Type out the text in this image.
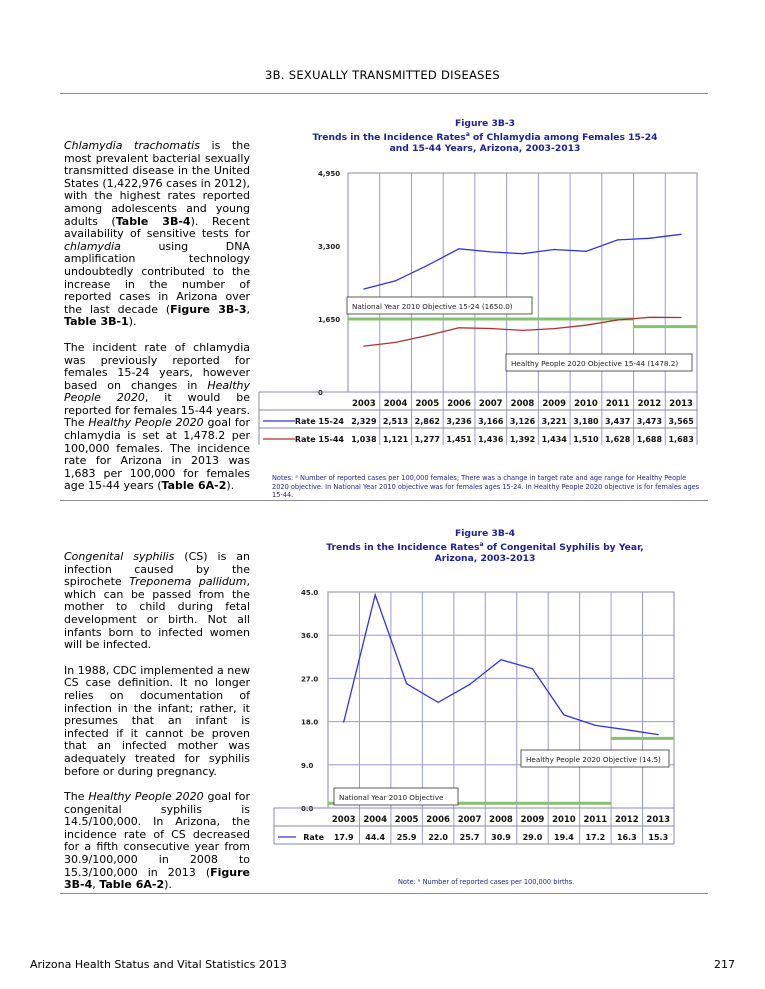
3B. SEXUALLY TRANSMITTED DISEASES

Chlamydia trachomatis is the most prevalent bacterial sexually transmitted disease in the United States (1,422,976 cases in 2012), with the highest rates reported among adolescents and young adults (Table 3B-4). Recent availability of sensitive tests for chlamydia using DNA amplification technology undoubtedly contributed to the increase in the number of reported cases in Arizona over the last decade (Figure 3B-3, Table 3B-1).

The incident rate of chlamydia was previously reported for females 15-24 years, however based on changes in Healthy People 2020, it would be reported for females 15-44 years. The Healthy People 2020 goal for chlamydia is set at 1,478.2 per 100,000 females. The incidence rate for Arizona in 2013 was 1,683 per 100,000 for females age 15-44 years (Table 6A-2).

Figure 3B-3
Trends in the Incidence Rates$^a$ of Chlamydia among Females 15-24
and 15-44 Years, Arizona, 2003-2013
0
1,650
3,300
4,950
National Year 2010 Objective 15-24 (1650.0)
Healthy People 2020 Objective 15-44 (1478.2)
2003 2004 2005 2006 2007 2008 2009 2010 2011 2012 2013
Rate 15-24 2,329 2,513 2,862 3,236 3,166 3,126 3,221 3,180 3,437 3,473 3,565
Rate 15-44 1,038 1,121 1,277 1,451 1,436 1,392 1,434 1,510 1,628 1,688 1,683
Notes: ᵃ Number of reported cases per 100,000 females; There was a change in target rate and age range for Healthy People 2020 objective. In National Year 2010 objective was for females ages 15-24. In Healthy People 2020 objective is for females ages 15-44.

Congenital syphilis (CS) is an infection caused by the spirochete Treponema pallidum, which can be passed from the mother to child during fetal development or birth. Not all infants born to infected women will be infected.

In 1988, CDC implemented a new CS case definition. It no longer relies on documentation of infection in the infant; rather, it presumes that an infant is infected if it cannot be proven that an infected mother was adequately treated for syphilis before or during pregnancy.

The Healthy People 2020 goal for congenital syphilis is 14.5/100,000. In Arizona, the incidence rate of CS decreased for a fifth consecutive year from 30.9/100,000 in 2008 to 15.3/100,000 in 2013 (Figure 3B-4, Table 6A-2).

Figure 3B-4
Trends in the Incidence Rates$^a$ of Congenital Syphilis by Year,
Arizona, 2003-2013
0.0
9.0
18.0
27.0
36.0
45.0
National Year 2010 Objective
Healthy People 2020 Objective (14.5)
2003 2004 2005 2006 2007 2008 2009 2010 2011 2012 2013
Rate 17.9 44.4 25.9 22.0 25.7 30.9 29.0 19.4 17.2 16.3 15.3
Note: ᵃ Number of reported cases per 100,000 births.
Arizona Health Status and Vital Statistics 2013	217
